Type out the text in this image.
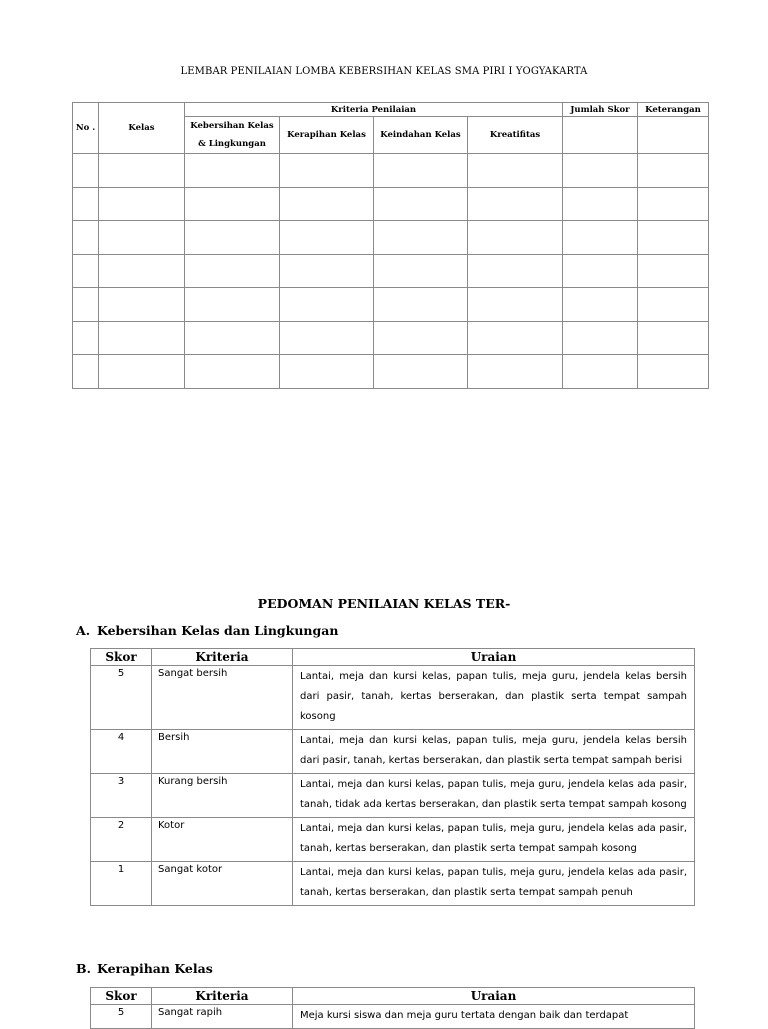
LEMBAR PENILAIAN LOMBA KEBERSIHAN KELAS SMA PIRI I YOGYAKARTA
No .	Kelas	Kriteria Penilaian				Jumlah Skor	Keterangan
		Kebersihan Kelas & Lingkungan	Kerapihan Kelas	Keindahan Kelas	Kreatifitas		

PEDOMAN PENILAIAN KELAS TER-
A. Kebersihan Kelas dan Lingkungan
Skor	Kriteria	Uraian
5	Sangat bersih	Lantai, meja dan kursi kelas, papan tulis, meja guru, jendela kelas bersih dari pasir, tanah, kertas berserakan, dan plastik serta tempat sampah kosong
4	Bersih	Lantai, meja dan kursi kelas, papan tulis, meja guru, jendela kelas bersih dari pasir, tanah, kertas berserakan, dan plastik serta tempat sampah berisi
3	Kurang bersih	Lantai, meja dan kursi kelas, papan tulis, meja guru, jendela kelas ada pasir, tanah, tidak ada kertas berserakan, dan plastik serta tempat sampah kosong
2	Kotor	Lantai, meja dan kursi kelas, papan tulis, meja guru, jendela kelas ada pasir, tanah, kertas berserakan, dan plastik serta tempat sampah kosong
1	Sangat kotor	Lantai, meja dan kursi kelas, papan tulis, meja guru, jendela kelas ada pasir, tanah, kertas berserakan, dan plastik serta tempat sampah penuh
B. Kerapihan Kelas
Skor	Kriteria	Uraian
5	Sangat rapih	Meja kursi siswa dan meja guru tertata dengan baik dan terdapat
